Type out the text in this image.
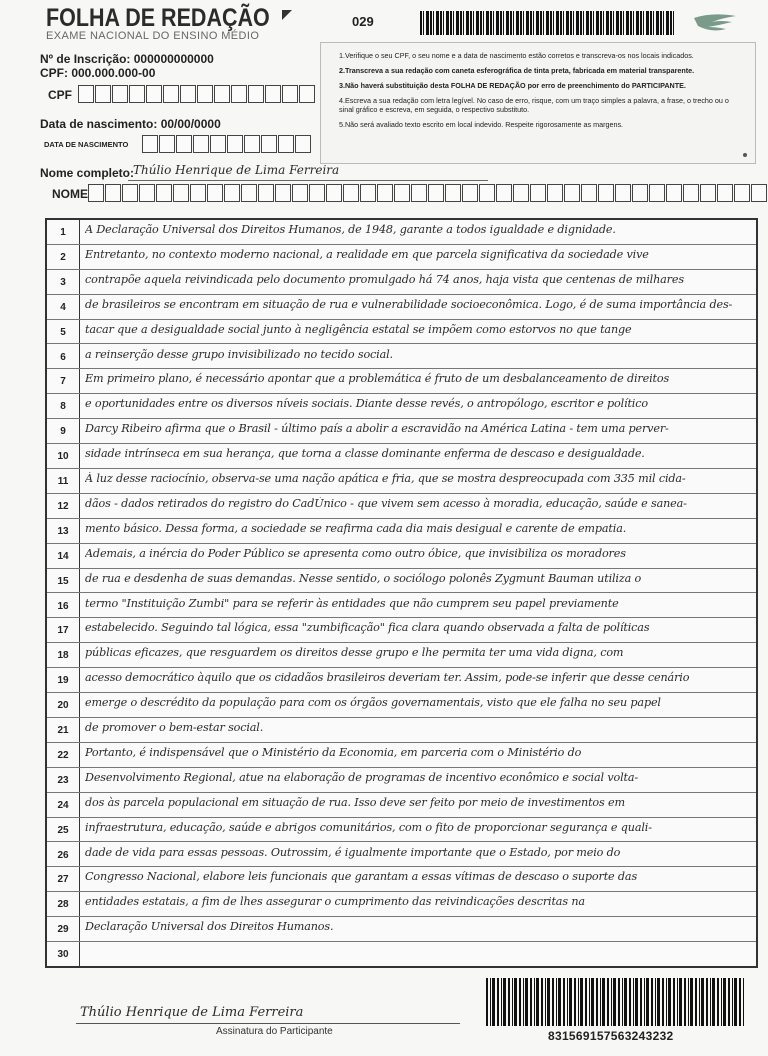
FOLHA DE REDAÇÃO
EXAME NACIONAL DO ENSINO MÉDIO
029
Nº de Inscrição: 000000000000
CPF: 000.000.000-00
CPF
Data de nascimento: 00/00/0000
DATA DE NASCIMENTO

1.Verifique o seu CPF, o seu nome e a data de nascimento estão corretos e transcreva-os nos locais indicados.

2.Transcreva a sua redação com caneta esferográfica de tinta preta, fabricada em material transparente.

3.Não haverá substituição desta FOLHA DE REDAÇÃO por erro de preenchimento do PARTICIPANTE.

4.Escreva a sua redação com letra legível. No caso de erro, risque, com um traço simples a palavra, a frase, o trecho ou o sinal gráfico e escreva, em seguida, o respectivo substituto.

5.Não será avaliado texto escrito em local indevido. Respeite rigorosamente as margens.

Nome completo:
Thúlio Henrique de Lima Ferreira
NOME
1	A Declaração Universal dos Direitos Humanos, de 1948, garante a todos igualdade e dignidade.
2	Entretanto, no contexto moderno nacional, a realidade em que parcela significativa da sociedade vive
3	contrapõe aquela reivindicada pelo documento promulgado há 74 anos, haja vista que centenas de milhares
4	de brasileiros se encontram em situação de rua e vulnerabilidade socioeconômica. Logo, é de suma importância des-
5	tacar que a desigualdade social junto à negligência estatal se impõem como estorvos no que tange
6	a reinserção desse grupo invisibilizado no tecido social.
7	Em primeiro plano, é necessário apontar que a problemática é fruto de um desbalanceamento de direitos
8	e oportunidades entre os diversos níveis sociais. Diante desse revés, o antropólogo, escritor e político
9	Darcy Ribeiro afirma que o Brasil - último país a abolir a escravidão na América Latina - tem uma perver-
10	sidade intrínseca em sua herança, que torna a classe dominante enferma de descaso e desigualdade.
11	À luz desse raciocínio, observa-se uma nação apática e fria, que se mostra despreocupada com 335 mil cida-
12	dãos - dados retirados do registro do CadÚnico - que vivem sem acesso à moradia, educação, saúde e sanea-
13	mento básico. Dessa forma, a sociedade se reafirma cada dia mais desigual e carente de empatia.
14	Ademais, a inércia do Poder Público se apresenta como outro óbice, que invisibiliza os moradores
15	de rua e desdenha de suas demandas. Nesse sentido, o sociólogo polonês Zygmunt Bauman utiliza o
16	termo "Instituição Zumbi" para se referir às entidades que não cumprem seu papel previamente
17	estabelecido. Seguindo tal lógica, essa "zumbificação" fica clara quando observada a falta de políticas
18	públicas eficazes, que resguardem os direitos desse grupo e lhe permita ter uma vida digna, com
19	acesso democrático àquilo que os cidadãos brasileiros deveriam ter. Assim, pode-se inferir que desse cenário
20	emerge o descrédito da população para com os órgãos governamentais, visto que ele falha no seu papel
21	de promover o bem-estar social.
22	Portanto, é indispensável que o Ministério da Economia, em parceria com o Ministério do
23	Desenvolvimento Regional, atue na elaboração de programas de incentivo econômico e social volta-
24	dos às parcela populacional em situação de rua. Isso deve ser feito por meio de investimentos em
25	infraestrutura, educação, saúde e abrigos comunitários, com o fito de proporcionar segurança e quali-
26	dade de vida para essas pessoas. Outrossim, é igualmente importante que o Estado, por meio do
27	Congresso Nacional, elabore leis funcionais que garantam a essas vítimas de descaso o suporte das
28	entidades estatais, a fim de lhes assegurar o cumprimento das reivindicações descritas na
29	Declaração Universal dos Direitos Humanos.
30
Thúlio Henrique de Lima Ferreira
Assinatura do Participante	831569157563243232
